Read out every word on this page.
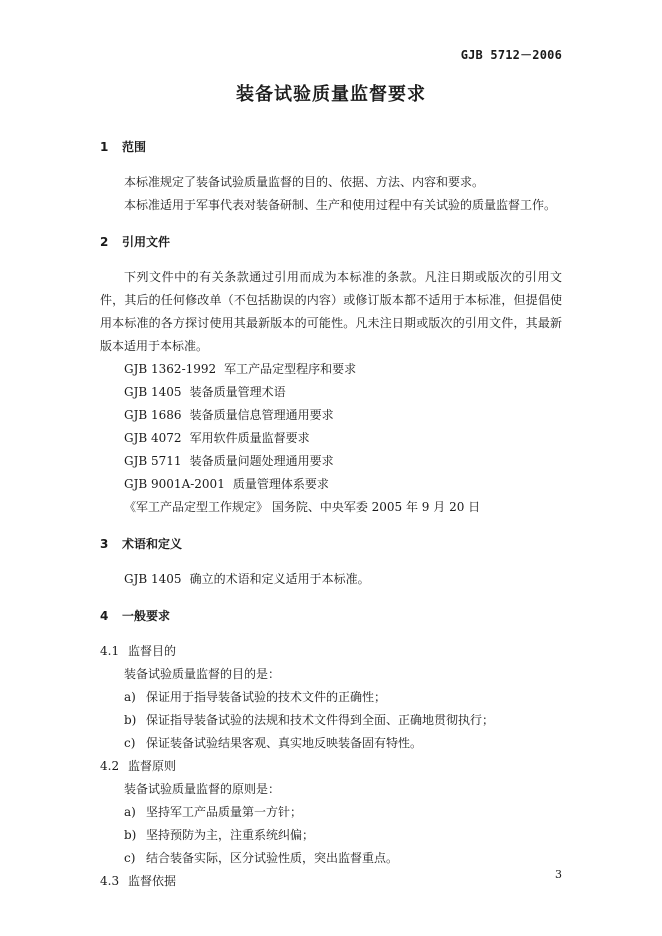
GJB 5712－2006
装备试验质量监督要求

1 范围

本标准规定了装备试验质量监督的目的、依据、方法、内容和要求。

本标准适用于军事代表对装备研制、生产和使用过程中有关试验的质量监督工作。

2 引用文件

下列文件中的有关条款通过引用而成为本标准的条款。凡注日期或版次的引用文件，其后的任何修改单（不包括勘误的内容）或修订版本都不适用于本标准，但提倡使用本标准的各方探讨使用其最新版本的可能性。凡未注日期或版次的引用文件，其最新版本适用于本标准。

GJB 1362-1992 军工产品定型程序和要求

GJB 1405 装备质量管理术语

GJB 1686 装备质量信息管理通用要求

GJB 4072 军用软件质量监督要求

GJB 5711 装备质量问题处理通用要求

GJB 9001A-2001 质量管理体系要求

《军工产品定型工作规定》 国务院、中央军委 2005 年 9 月 20 日

3 术语和定义

GJB 1405 确立的术语和定义适用于本标准。

4 一般要求

4.1 监督目的

装备试验质量监督的目的是：

a) 保证用于指导装备试验的技术文件的正确性；

b) 保证指导装备试验的法规和技术文件得到全面、正确地贯彻执行；

c) 保证装备试验结果客观、真实地反映装备固有特性。

4.2 监督原则

装备试验质量监督的原则是：

a) 坚持军工产品质量第一方针；

b) 坚持预防为主，注重系统纠偏；

c) 结合装备实际，区分试验性质，突出监督重点。

4.3 监督依据	3
